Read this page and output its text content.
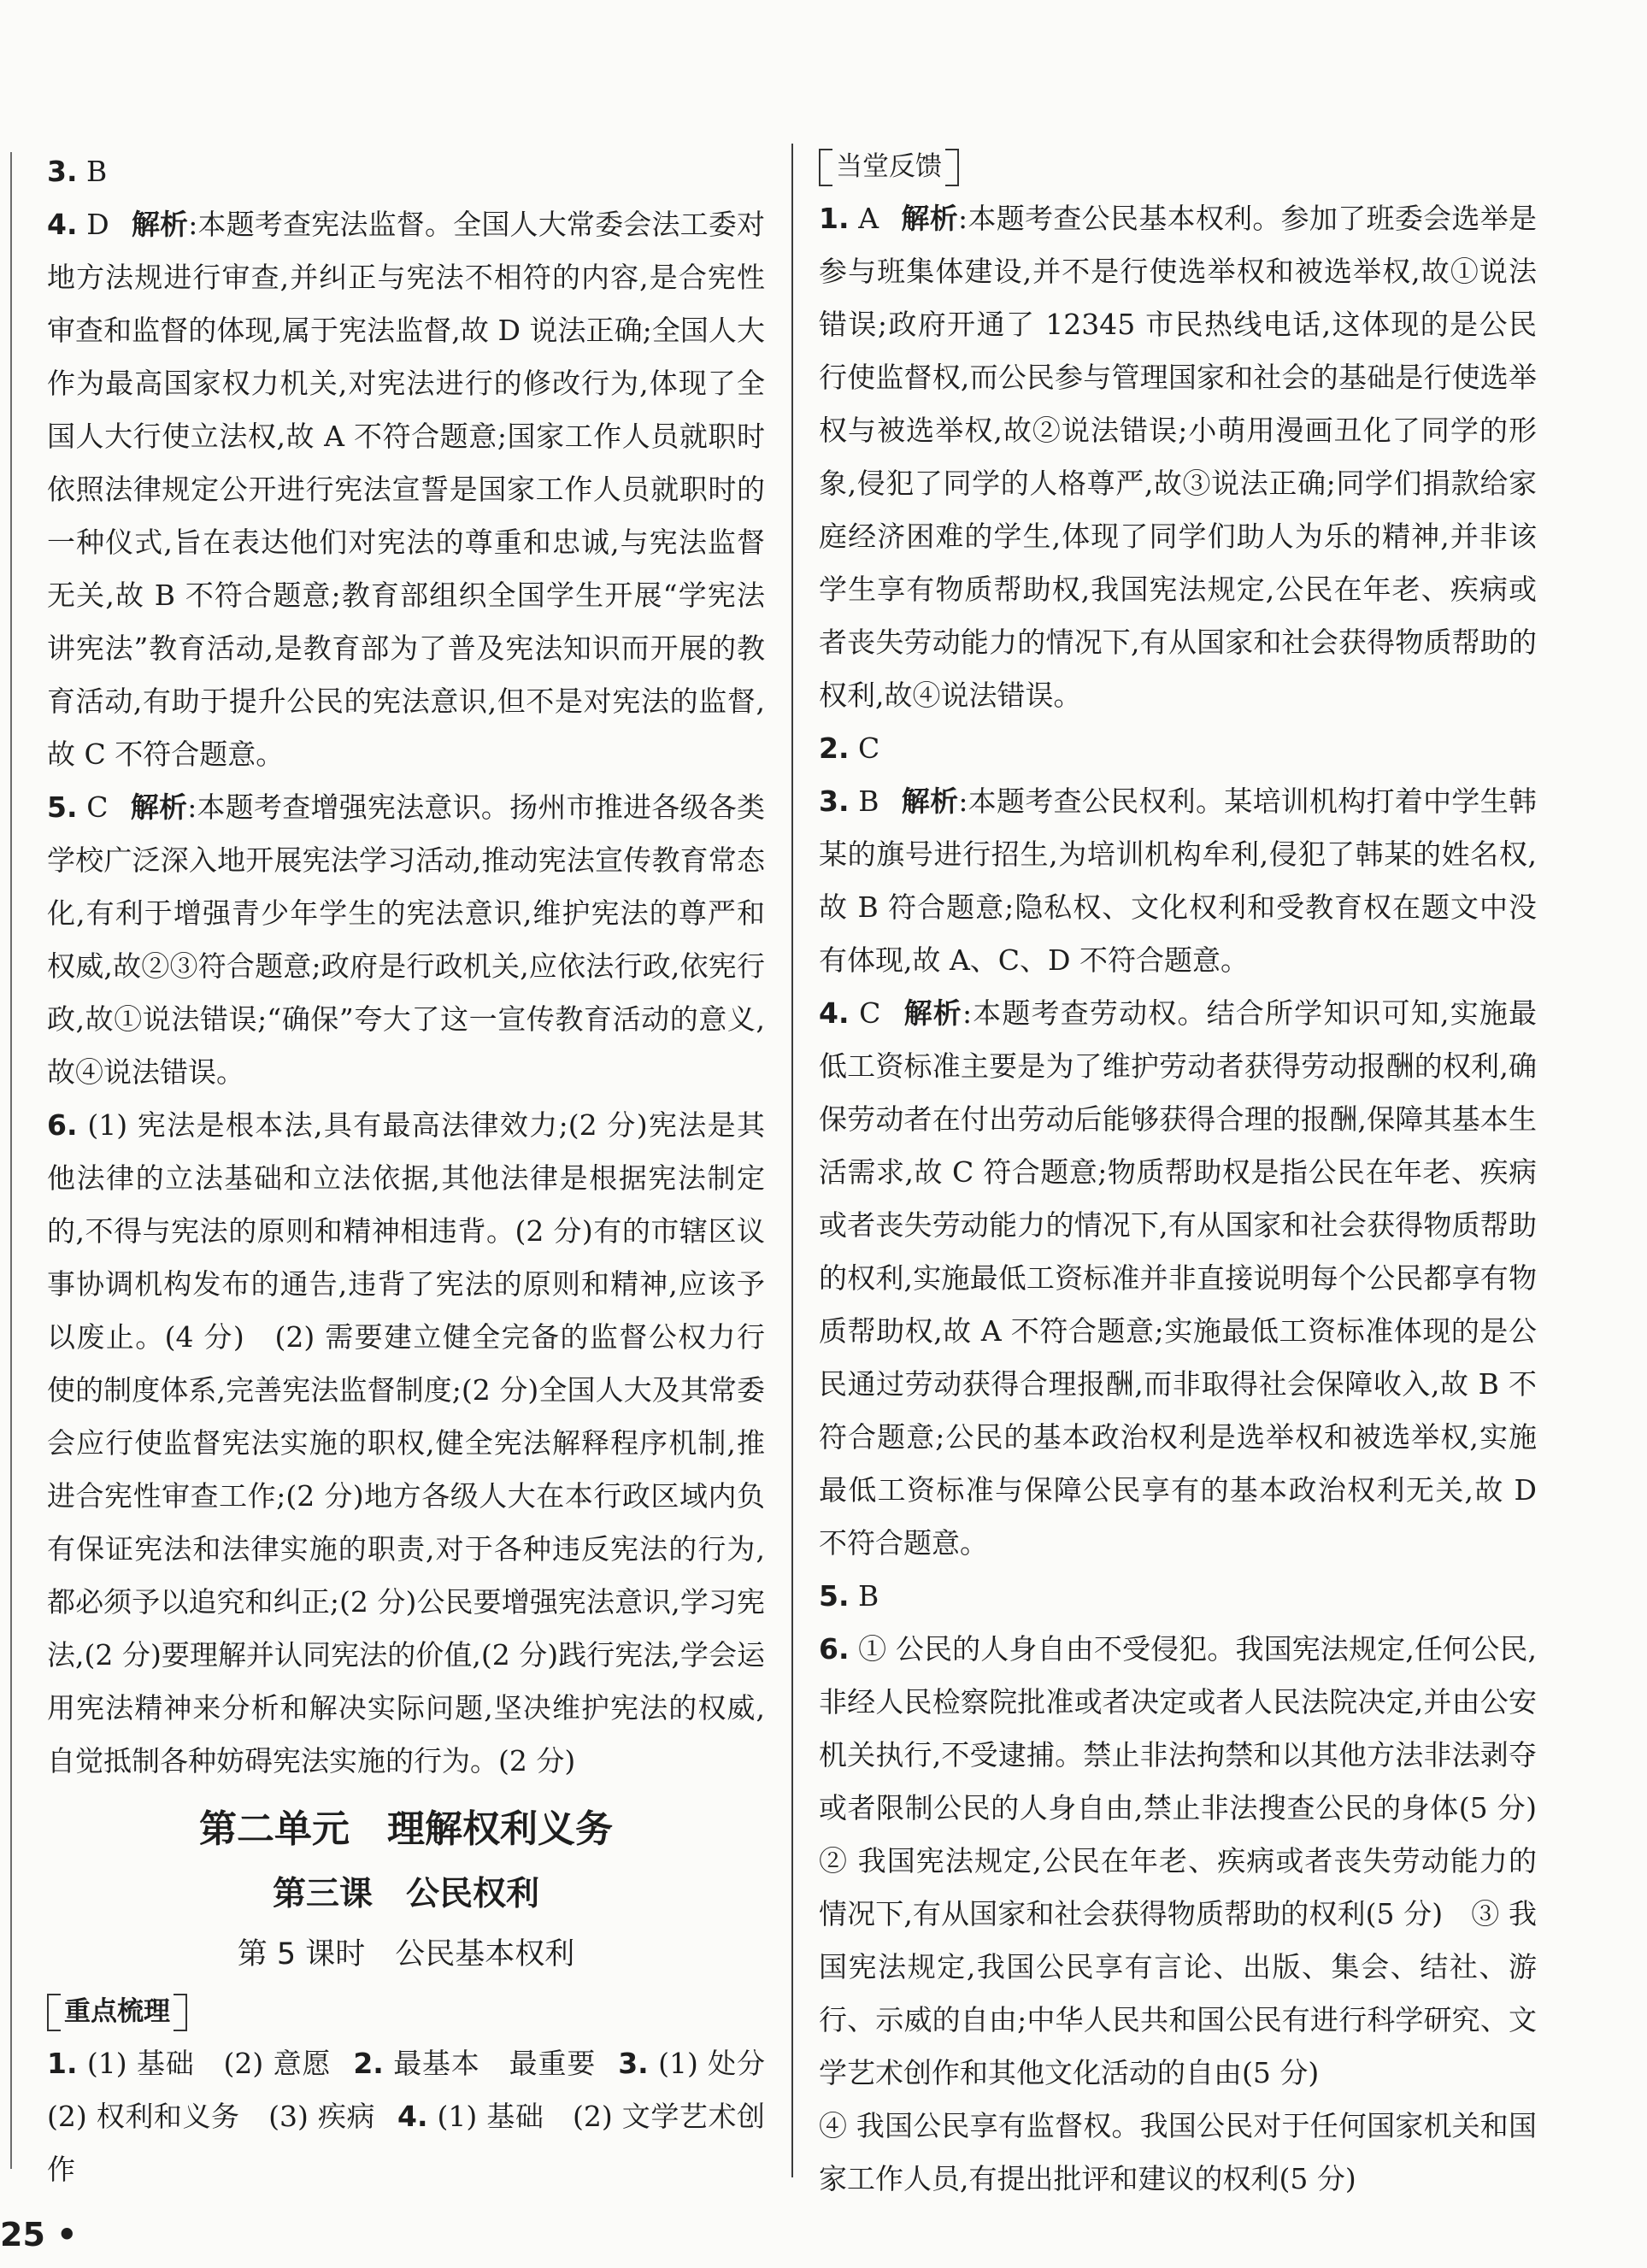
3. B

4. D 解析:本题考查宪法监督。全国人大常委会法工委对地方法规进行审查,并纠正与宪法不相符的内容,是合宪性审查和监督的体现,属于宪法监督,故 D 说法正确;全国人大作为最高国家权力机关,对宪法进行的修改行为,体现了全国人大行使立法权,故 A 不符合题意;国家工作人员就职时依照法律规定公开进行宪法宣誓是国家工作人员就职时的一种仪式,旨在表达他们对宪法的尊重和忠诚,与宪法监督无关,故 B 不符合题意;教育部组织全国学生开展“学宪法　讲宪法”教育活动,是教育部为了普及宪法知识而开展的教育活动,有助于提升公民的宪法意识,但不是对宪法的监督,故 C 不符合题意。

5. C 解析:本题考查增强宪法意识。扬州市推进各级各类学校广泛深入地开展宪法学习活动,推动宪法宣传教育常态化,有利于增强青少年学生的宪法意识,维护宪法的尊严和权威,故②③符合题意;政府是行政机关,应依法行政,依宪行政,故①说法错误;“确保”夸大了这一宣传教育活动的意义,故④说法错误。

6. (1) 宪法是根本法,具有最高法律效力;(2 分)宪法是其他法律的立法基础和立法依据,其他法律是根据宪法制定的,不得与宪法的原则和精神相违背。(2 分)有的市辖区议事协调机构发布的通告,违背了宪法的原则和精神,应该予以废止。(4 分)　(2) 需要建立健全完备的监督公权力行使的制度体系,完善宪法监督制度;(2 分)全国人大及其常委会应行使监督宪法实施的职权,健全宪法解释程序机制,推进合宪性审查工作;(2 分)地方各级人大在本行政区域内负有保证宪法和法律实施的职责,对于各种违反宪法的行为,都必须予以追究和纠正;(2 分)公民要增强宪法意识,学习宪法,(2 分)要理解并认同宪法的价值,(2 分)践行宪法,学会运用宪法精神来分析和解决实际问题,坚决维护宪法的权威,自觉抵制各种妨碍宪法实施的行为。(2 分)

第二单元　理解权利义务
第三课　公民权利
第 5 课时　公民基本权利
重点梳理

1. (1) 基础　(2) 意愿 2. 最基本　最重要 3. (1) 处分　(2) 权利和义务　(3) 疾病 4. (1) 基础　(2) 文学艺术创作

当堂反馈

1. A 解析:本题考查公民基本权利。参加了班委会选举是参与班集体建设,并不是行使选举权和被选举权,故①说法错误;政府开通了 12345 市民热线电话,这体现的是公民行使监督权,而公民参与管理国家和社会的基础是行使选举权与被选举权,故②说法错误;小萌用漫画丑化了同学的形象,侵犯了同学的人格尊严,故③说法正确;同学们捐款给家庭经济困难的学生,体现了同学们助人为乐的精神,并非该学生享有物质帮助权,我国宪法规定,公民在年老、疾病或者丧失劳动能力的情况下,有从国家和社会获得物质帮助的权利,故④说法错误。

2. C

3. B 解析:本题考查公民权利。某培训机构打着中学生韩某的旗号进行招生,为培训机构牟利,侵犯了韩某的姓名权,故 B 符合题意;隐私权、文化权利和受教育权在题文中没有体现,故 A、C、D 不符合题意。

4. C 解析:本题考查劳动权。结合所学知识可知,实施最低工资标准主要是为了维护劳动者获得劳动报酬的权利,确保劳动者在付出劳动后能够获得合理的报酬,保障其基本生活需求,故 C 符合题意;物质帮助权是指公民在年老、疾病或者丧失劳动能力的情况下,有从国家和社会获得物质帮助的权利,实施最低工资标准并非直接说明每个公民都享有物质帮助权,故 A 不符合题意;实施最低工资标准体现的是公民通过劳动获得合理报酬,而非取得社会保障收入,故 B 不符合题意;公民的基本政治权利是选举权和被选举权,实施最低工资标准与保障公民享有的基本政治权利无关,故 D 不符合题意。

5. B

6. ① 公民的人身自由不受侵犯。我国宪法规定,任何公民,非经人民检察院批准或者决定或者人民法院决定,并由公安机关执行,不受逮捕。禁止非法拘禁和以其他方法非法剥夺或者限制公民的人身自由,禁止非法搜查公民的身体(5 分)　② 我国宪法规定,公民在年老、疾病或者丧失劳动能力的情况下,有从国家和社会获得物质帮助的权利(5 分)　③ 我国宪法规定,我国公民享有言论、出版、集会、结社、游行、示威的自由;中华人民共和国公民有进行科学研究、文学艺术创作和其他文化活动的自由(5 分)

④ 我国公民享有监督权。我国公民对于任何国家机关和国家工作人员,有提出批评和建议的权利(5 分)

25 •
